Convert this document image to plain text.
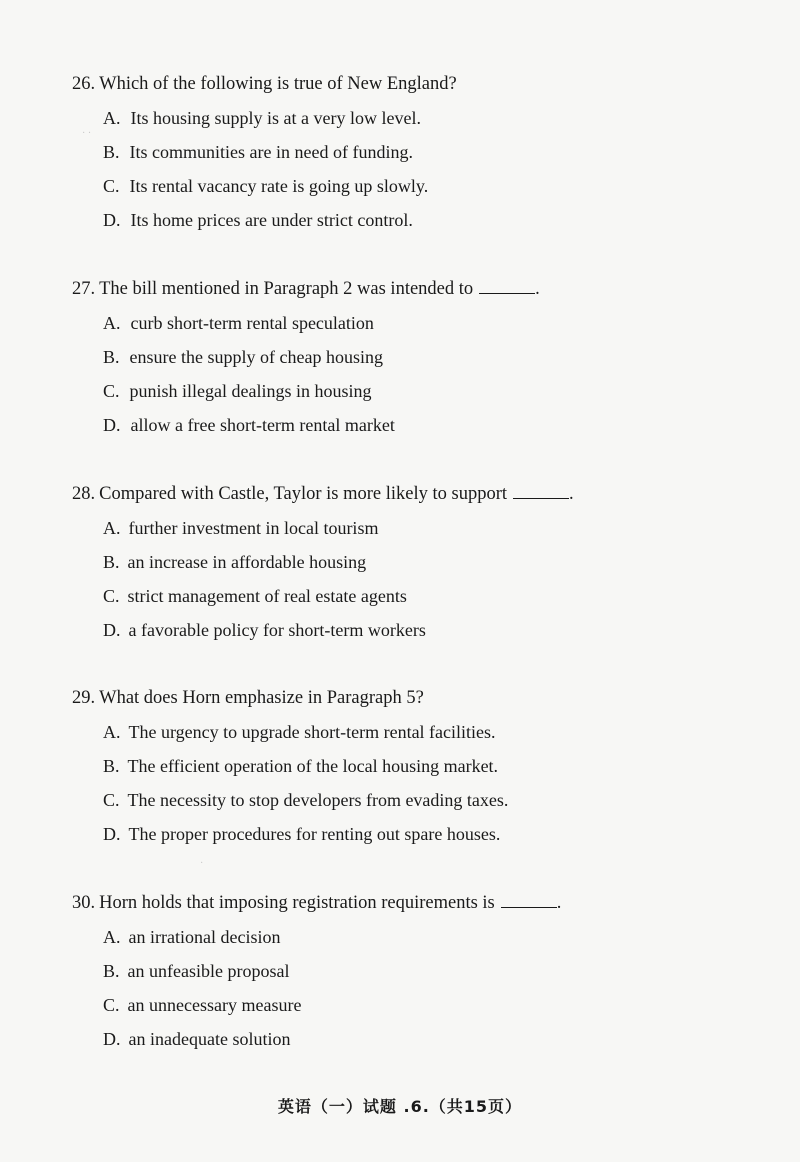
26. Which of the following is true of New England?
A. Its housing supply is at a very low level.
B. Its communities are in need of funding.
C. Its rental vacancy rate is going up slowly.
D. Its home prices are under strict control.
27. The bill mentioned in Paragraph 2 was intended to	.
A. curb short-term rental speculation
B. ensure the supply of cheap housing
C. punish illegal dealings in housing
D. allow a free short-term rental market
28. Compared with Castle, Taylor is more likely to support	.
A. further investment in local tourism
B. an increase in affordable housing
C. strict management of real estate agents
D. a favorable policy for short-term workers
29. What does Horn emphasize in Paragraph 5?
A. The urgency to upgrade short-term rental facilities.
B. The efficient operation of the local housing market.
C. The necessity to stop developers from evading taxes.
D. The proper procedures for renting out spare houses.
30. Horn holds that imposing registration requirements is	.
A. an irrational decision
B. an unfeasible proposal
C. an unnecessary measure
D. an inadequate solution
· ·
·
英语（一）试题 .6.（共15页）
